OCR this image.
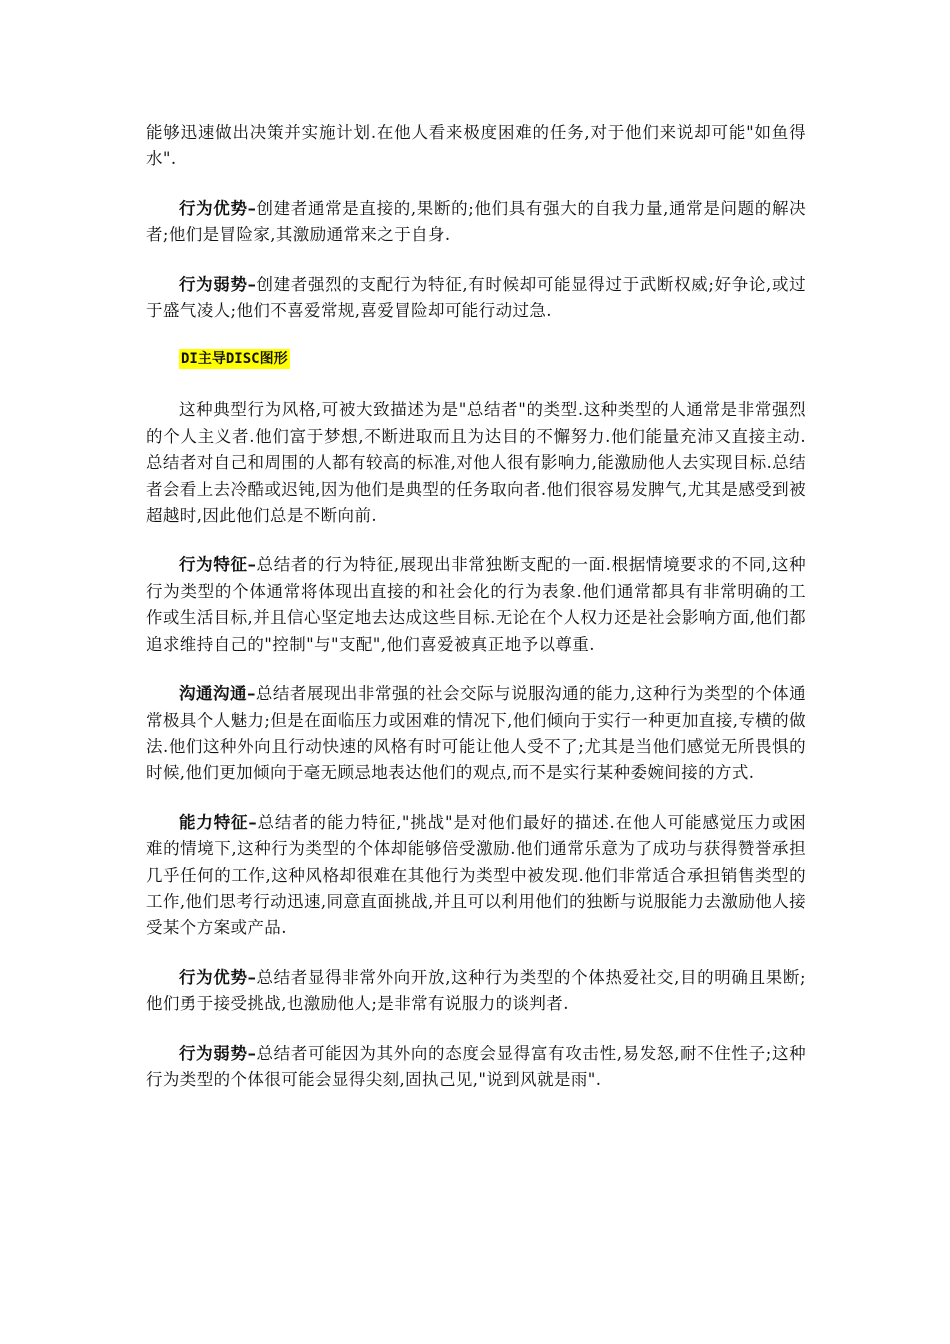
能够迅速做出决策并实施计划.在他人看来极度困难的任务,对于他们来说却可能"如鱼得水".

行为优势–创建者通常是直接的,果断的;他们具有强大的自我力量,通常是问题的解决者;他们是冒险家,其激励通常来之于自身.

行为弱势–创建者强烈的支配行为特征,有时候却可能显得过于武断权威;好争论,或过于盛气凌人;他们不喜爱常规,喜爱冒险却可能行动过急.

DI主导DISC图形

这种典型行为风格,可被大致描述为是"总结者"的类型.这种类型的人通常是非常强烈的个人主义者.他们富于梦想,不断进取而且为达目的不懈努力.他们能量充沛又直接主动.总结者对自己和周围的人都有较高的标准,对他人很有影响力,能激励他人去实现目标.总结者会看上去冷酷或迟钝,因为他们是典型的任务取向者.他们很容易发脾气,尤其是感受到被超越时,因此他们总是不断向前.

行为特征–总结者的行为特征,展现出非常独断支配的一面.根据情境要求的不同,这种行为类型的个体通常将体现出直接的和社会化的行为表象.他们通常都具有非常明确的工作或生活目标,并且信心坚定地去达成这些目标.无论在个人权力还是社会影响方面,他们都追求维持自己的"控制"与"支配",他们喜爱被真正地予以尊重.

沟通沟通–总结者展现出非常强的社会交际与说服沟通的能力,这种行为类型的个体通常极具个人魅力;但是在面临压力或困难的情况下,他们倾向于实行一种更加直接,专横的做法.他们这种外向且行动快速的风格有时可能让他人受不了;尤其是当他们感觉无所畏惧的时候,他们更加倾向于毫无顾忌地表达他们的观点,而不是实行某种委婉间接的方式.

能力特征–总结者的能力特征,"挑战"是对他们最好的描述.在他人可能感觉压力或困难的情境下,这种行为类型的个体却能够倍受激励.他们通常乐意为了成功与获得赞誉承担几乎任何的工作,这种风格却很难在其他行为类型中被发现.他们非常适合承担销售类型的工作,他们思考行动迅速,同意直面挑战,并且可以利用他们的独断与说服能力去激励他人接受某个方案或产品.

行为优势–总结者显得非常外向开放,这种行为类型的个体热爱社交,目的明确且果断;他们勇于接受挑战,也激励他人;是非常有说服力的谈判者.

行为弱势–总结者可能因为其外向的态度会显得富有攻击性,易发怒,耐不住性子;这种行为类型的个体很可能会显得尖刻,固执己见,"说到风就是雨".
